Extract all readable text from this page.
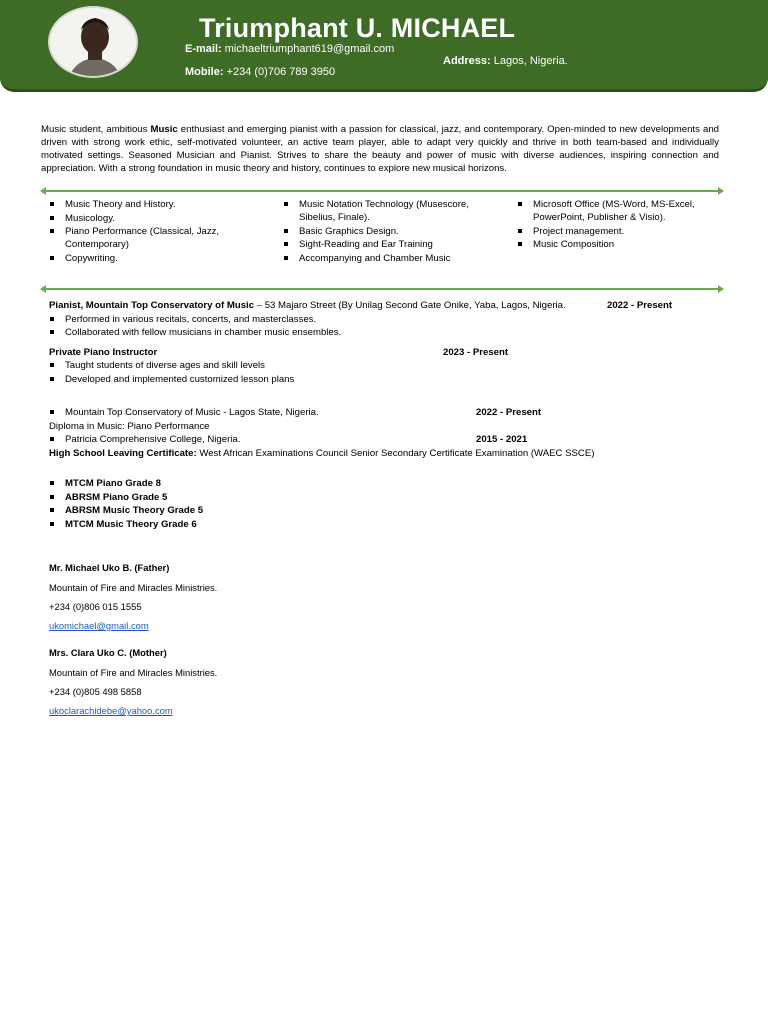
Triumphant U. MICHAEL
E-mail: michaeltriumphant619@gmail.com
Mobile: +234 (0)706 789 3950
Address: Lagos, Nigeria.
Music student, ambitious Music enthusiast and emerging pianist with a passion for classical, jazz, and contemporary. Open-minded to new developments and driven with strong work ethic, self-motivated volunteer, an active team player, able to adapt very quickly and thrive in both team-based and individually motivated settings. Seasoned Musician and Pianist. Strives to share the beauty and power of music with diverse audiences, inspiring connection and appreciation. With a strong foundation in music theory and history, continues to explore new musical horizons.
Music Theory and History.
Musicology.
Piano Performance (Classical, Jazz, Contemporary)
Copywriting.
Music Notation Technology (Musescore, Sibelius, Finale).
Basic Graphics Design.
Sight-Reading and Ear Training
Accompanying and Chamber Music
Microsoft Office (MS-Word, MS-Excel, PowerPoint, Publisher & Visio).
Project management.
Music Composition
Pianist, Mountain Top Conservatory of Music – 53 Majaro Street (By Unilag Second Gate Onike, Yaba, Lagos, Nigeria.	2022 - Present
Performed in various recitals, concerts, and masterclasses.
Collaborated with fellow musicians in chamber music ensembles.
Private Piano Instructor	2023 - Present
Taught students of diverse ages and skill levels
Developed and implemented customized lesson plans
Mountain Top Conservatory of Music - Lagos State, Nigeria.	2022 - Present
Diploma in Music: Piano Performance
Patricia Comprehensive College, Nigeria.	2015 - 2021
High School Leaving Certificate: West African Examinations Council Senior Secondary Certificate Examination (WAEC SSCE)
MTCM Piano Grade 8
ABRSM Piano Grade 5
ABRSM Music Theory Grade 5
MTCM Music Theory Grade 6
Mr. Michael Uko B. (Father)
Mountain of Fire and Miracles Ministries.
+234 (0)806 015 1555
ukomichael@gmail.com
Mrs. Clara Uko C. (Mother)
Mountain of Fire and Miracles Ministries.
+234 (0)805 498 5858
ukoclarachidebe@yahoo.com
